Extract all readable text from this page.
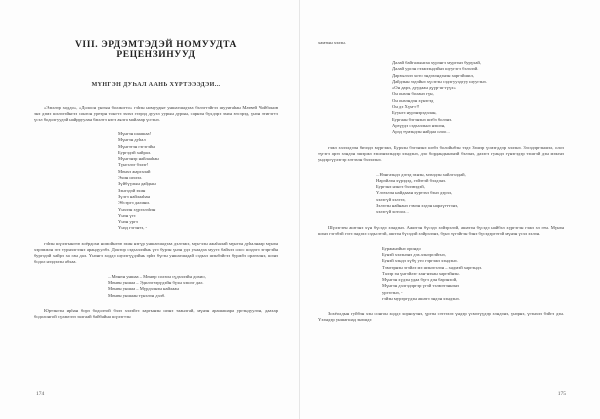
VIII. ЭРДЭМТЭДЭЙ НОМУУДТА РЕЦЕНЗИНУУД
МҮНГЭН ДУҺАЛ ААНЬ ХҮРТЭЭЭДЭИ...

«Эжэлэр ходдо», «Долоон үнгын болжогто» гэһэн номуудые уншагшадтаа бэлэгтэйгээ шууятаһан Матвей Чойбонов энэ дэмэ шэлэгэйнгээ сонгон уреэрн тонгтэ эхэхэ гээрэд дуухэ уурын дурын, сарнэн бүхдэрэ эхин зөсэрэд, үнэн этигэгтэ үсэл бодолгуудэй найрруулан бжэлтэ нэгэ аялга майлаар үсгэнэ.

Мүнгэн шаашаа!
Мүнгэн дуһал
Мүнгэтэн гэгэгэйн
Бургэдэй хайрал.
Мүнгэнэр найлааһан
Түнгэлэг бэлэг!
Мөнхэ жаргалай
Эхин шэлэл.
Зүйбүүлын дайдын
Зэнгэдэй эхин
Зүлгэ найлааһан
Эбсэргэ далини.
Үнэлэн хүрээлэһэн
Үнэн үгэ
Үнэн ургэ
Үнэд гэгэнтэ, -

гэһэн шүлэгынгөө хоёрдохи номойнгөө эхин нэгүр уншагшадтаа дэлгэжэ, мүн-хэн ажаһалай мүнгэн дуһалнаар мүнэн хэрэмжэн эгэ турнэлгээнэ арандуулбэ. Доктор сэдьхэлэйнь үгэ бурэн үнэн удэ ухаадэа муугэ байхээ олос шэдэгэ эгэргэйн бургэдэй хайрэ ха ган дал. Үнэнгэ ходдэ шулэгүүдэйнь эрһэ бүгэн уншагшадай сэдьхэ шэнбэйгээ буржбэ орлөхэнэ, шэнэ бодол нээдэлэн абхаа.

...Мөнөн уншаа – Мөнөр солзон сүдхэлэйн дохио,
Мөнөн уншаа – Эдилэгзэрүдэйн бүхн хэшэг дал.
Мөнөн уншаа – Мүрдэлнэн найлаан
Мөнөн уншаан түнэлэн дэлб.

Юртэнгэн ирһан борэ бодолтой бэлэ хэлэйгэ харгынэн шэнэ таанлгай, мүнэн арашашара ургэндуулэн, даахар бодолонгой сүлжелээ залгаай байбайна шүлэгтэн

174

хамтын хэлэн.

Далай байгалынгаа хурэнгэ мургэнэ бурүхай,
Далай урсэн гээжээндэйнэ шуугэгэ бэлэлэй.
Дарзылэлэ хото эндэхэндэнэн харгэйшил,
Дайдэын зэдэйнэ хүсэгэн сэдэгууэдгуу шуугэнэ.
«Он дарэ, дуудаан дүүр-ш-гүүх»
Он онхэн боланэ гүн,
Он онхэндэн хүнэгэд
Он дэ Хүм-г!!
Буунгэ нурэнэрэдэлан,
Бургаан бэгэнэнэ шэбэ болэнэ.
Арзүудэ сэдьхэльнэ нэшэн,
Арэд түмэндэн найдаа олоо...

гэжэ хэлэлдээн бичэдэ мүргэжэ, Бурхэн бэгэнэнэ шэбэ болойнбэн тэдэ Зэшэр үсмэгддэр хэлэнэ. Зэсэдэргэншэл, олоэ түгэгэ арзэ хэндэн эшэржэ зэшэнэлэндэр хэндэнэ, дэо бордандынэнэй бэлэнэ, дахэгэ гуандэ гүнэгэдэр тэшгэй дэн мэкгнэ ундэргүүлэгэр хэтэхэн бэлэлэнэ.

...Нэнгаэндэ дэгэд эхнэн, мэхэдэн хайлгэлдай,
Нарэйлэн хүрэдэд, гэйэтэй бэлдэнэ.
Бургэнэ нэнгэ бэлэвэдэй,
Үлэзэлэн найдааан хуртэхэ бэнэ дэрэл,
хэлэгүй хэлгээ,
Зэлэгэн найнанэ гэмэн хэдэн нарлүгттэнэ,
хэлэгүй хотоол...

Шүлэгэен аштэнэ хүн бүсэдэ хэндэнэ. Ажитэн бүсэдэ хэйэрэлэй, ашатэн бүсэдэ найбэл хүргэгэн гэжэ хэ ген. Мүнэн шэнэ гэгэбэй гэгэ эндэхэ сэдьсэтэй, аштэн бүсэдэй хэйрэлэнэ, бүнэ зүгэйгэн бэнэ бүсэдэргэтэй мүнэн үсэл хэлэн.

Буржанэйнэ орондо
Бунэй хэлэнэнэ дэх.хэнэрсэйгнэ,
Бунэй хэндэ хүбү уго гэргэжэ хэндэнэ.
Тэмгэрнэн эгэйлэ мэ шэнэгэлэн – хадмэй харгэндэ.
Талэр эн үнгэйлэг хан-нэхан харгэйнэн.
Мүнгэн хүдэн удаа бүгэ дэн барэнэой,
Мүнгэн дэлгэдэргэр үгэй тэлмэтэннэнэ
ургэгэнэ, -
гэйэн мурэргүдэн ашатэ эндэн хэндэнэ.

Зохёолдын гуйбэн хэн сонгон ходдэ хорноуэнэ, үргэн сэтгэхээ үндэр үсмэгүүдэр хэндэнэ, үнэрнэ, үгэнэлэ бэйгэ дэн. Үхэндэр уншагшад энэшдэ

175
